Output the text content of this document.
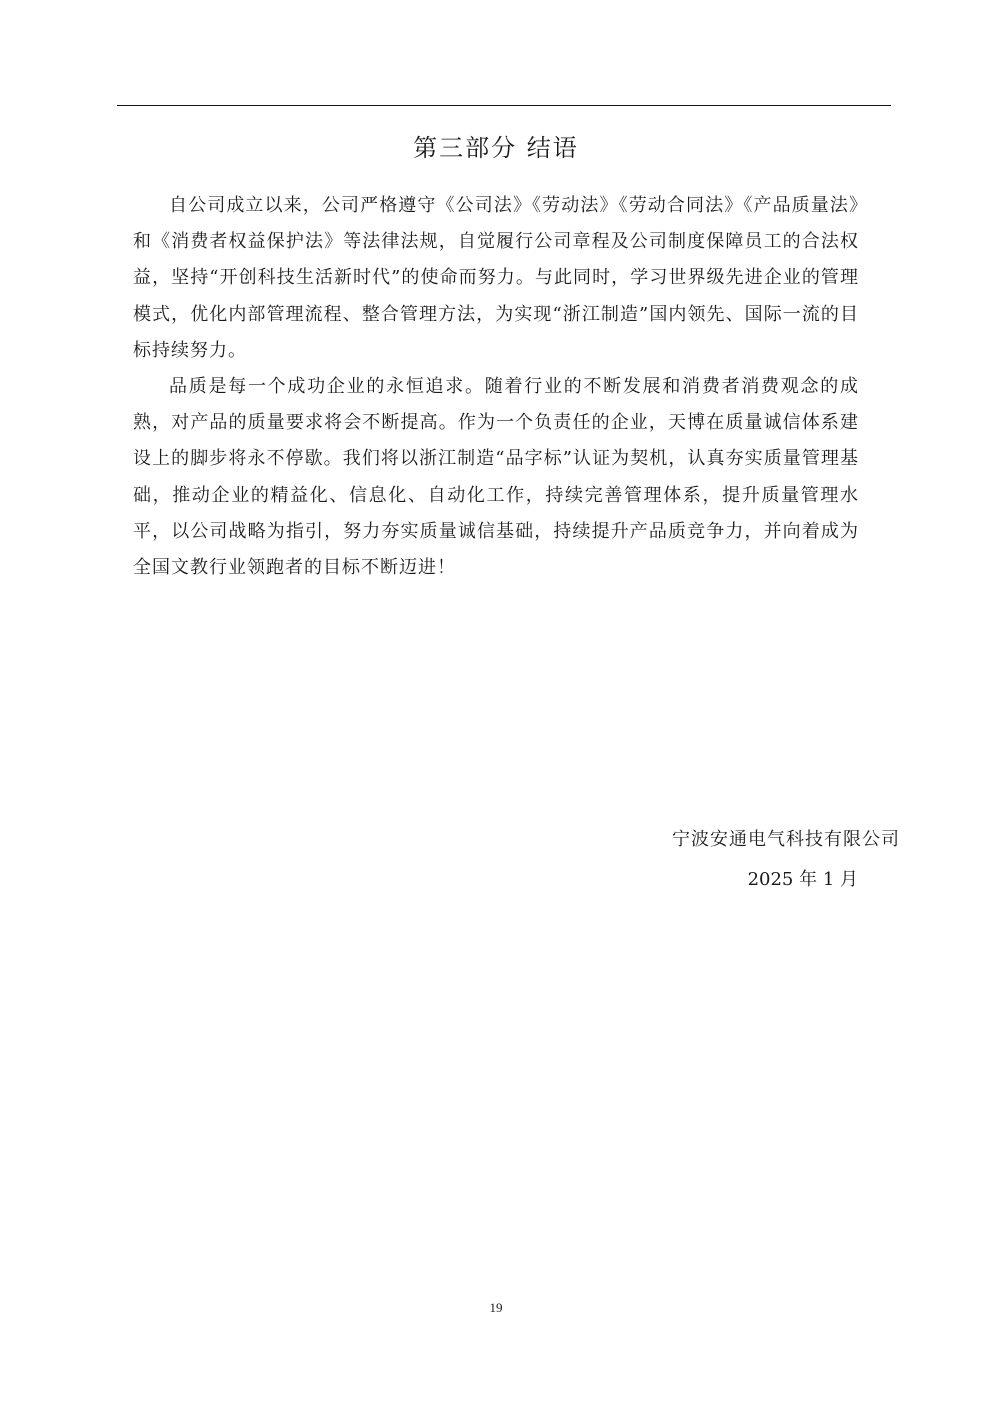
第三部分 结语

自公司成立以来，公司严格遵守《公司法》《劳动法》《劳动合同法》《产品质量法》和《消费者权益保护法》等法律法规，自觉履行公司章程及公司制度保障员工的合法权益，坚持“开创科技生活新时代”的使命而努力。与此同时，学习世界级先进企业的管理模式，优化内部管理流程、整合管理方法，为实现“浙江制造”国内领先、国际一流的目标持续努力。

品质是每一个成功企业的永恒追求。随着行业的不断发展和消费者消费观念的成熟，对产品的质量要求将会不断提高。作为一个负责任的企业，天博在质量诚信体系建设上的脚步将永不停歇。我们将以浙江制造“品字标”认证为契机，认真夯实质量管理基础，推动企业的精益化、信息化、自动化工作，持续完善管理体系，提升质量管理水平，以公司战略为指引，努力夯实质量诚信基础，持续提升产品质竞争力，并向着成为全国文教行业领跑者的目标不断迈进！

宁波安通电气科技有限公司
2025 年 1 月
19
